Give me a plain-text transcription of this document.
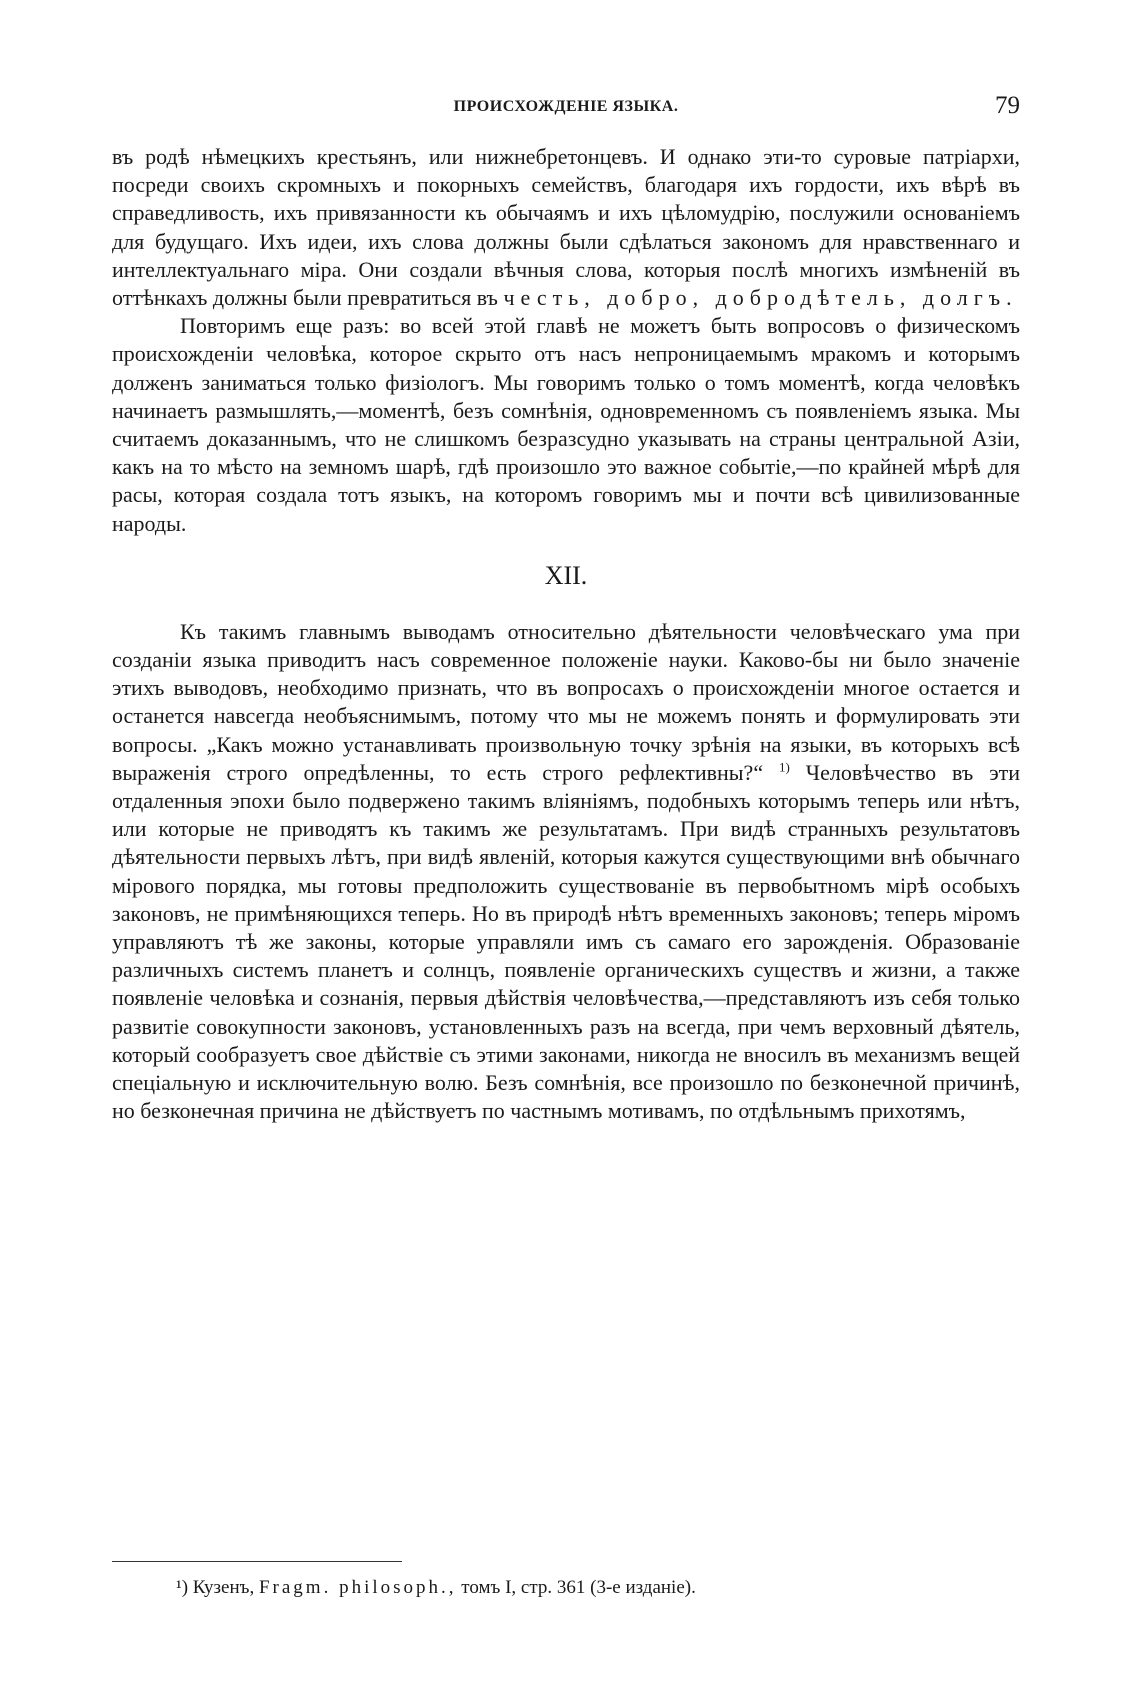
ПРОИСХОЖДЕНІЕ ЯЗЫКА.	79

въ родѣ нѣмецкихъ крестьянъ, или нижнебретонцевъ. И однако эти-то суровые патріархи, посреди своихъ скромныхъ и покорныхъ семействъ, благодаря ихъ гордости, ихъ вѣрѣ въ справедливость, ихъ привязанности къ обычаямъ и ихъ цѣломудрію, послужили основаніемъ для будущаго. Ихъ идеи, ихъ слова должны были сдѣлаться закономъ для нравственнаго и интеллектуальнаго міра. Они создали вѣчныя слова, которыя послѣ многихъ измѣненій въ оттѣнкахъ должны были превратиться въ честь, добро, добродѣтель, долгъ.

Повторимъ еще разъ: во всей этой главѣ не можетъ быть вопросовъ о физическомъ происхожденіи человѣка, которое скрыто отъ насъ непроницаемымъ мракомъ и которымъ долженъ заниматься только физіологъ. Мы говоримъ только о томъ моментѣ, когда человѣкъ начинаетъ размышлять,—моментѣ, безъ сомнѣнія, одновременномъ съ появленіемъ языка. Мы считаемъ доказаннымъ, что не слишкомъ безразсудно указывать на страны центральной Азіи, какъ на то мѣсто на земномъ шарѣ, гдѣ произошло это важное событіе,—по крайней мѣрѣ для расы, которая создала тотъ языкъ, на которомъ говоримъ мы и почти всѣ цивилизованные народы.

XII.

Къ такимъ главнымъ выводамъ относительно дѣятельности человѣческаго ума при созданіи языка приводитъ насъ современное положеніе науки. Каково-бы ни было значеніе этихъ выводовъ, необходимо признать, что въ вопросахъ о происхожденіи многое остается и останется навсегда необъяснимымъ, потому что мы не можемъ понять и формулировать эти вопросы. „Какъ можно устанавливать произвольную точку зрѣнія на языки, въ которыхъ всѣ выраженія строго опредѣленны, то есть строго рефлективны?“ $^{1)}$ Человѣчество въ эти отдаленныя эпохи было подвержено такимъ вліяніямъ, подобныхъ которымъ теперь или нѣтъ, или которые не приводятъ къ такимъ же результатамъ. При видѣ странныхъ результатовъ дѣятельности первыхъ лѣтъ, при видѣ явленій, которыя кажутся существующими внѣ обычнаго мірового порядка, мы готовы предположить существованіе въ первобытномъ мірѣ особыхъ законовъ, не примѣняющихся теперь. Но въ природѣ нѣтъ временныхъ законовъ; теперь міромъ управляютъ тѣ же законы, которые управляли имъ съ самаго его зарожденія. Образованіе различныхъ системъ планетъ и солнцъ, появленіе органическихъ существъ и жизни, а также появленіе человѣка и сознанія, первыя дѣйствія человѣчества,—представляютъ изъ себя только развитіе совокупности законовъ, установленныхъ разъ на всегда, при чемъ верховный дѣятель, который сообразуетъ свое дѣйствіе съ этими законами, никогда не вносилъ въ механизмъ вещей спеціальную и исключительную волю. Безъ сомнѣнія, все произошло по безконечной причинѣ, но безконечная причина не дѣйствуетъ по частнымъ мотивамъ, по отдѣльнымъ прихотямъ,

¹) Кузенъ, Fragm. philosoph., томъ I, стр. 361 (3-е изданіе).
